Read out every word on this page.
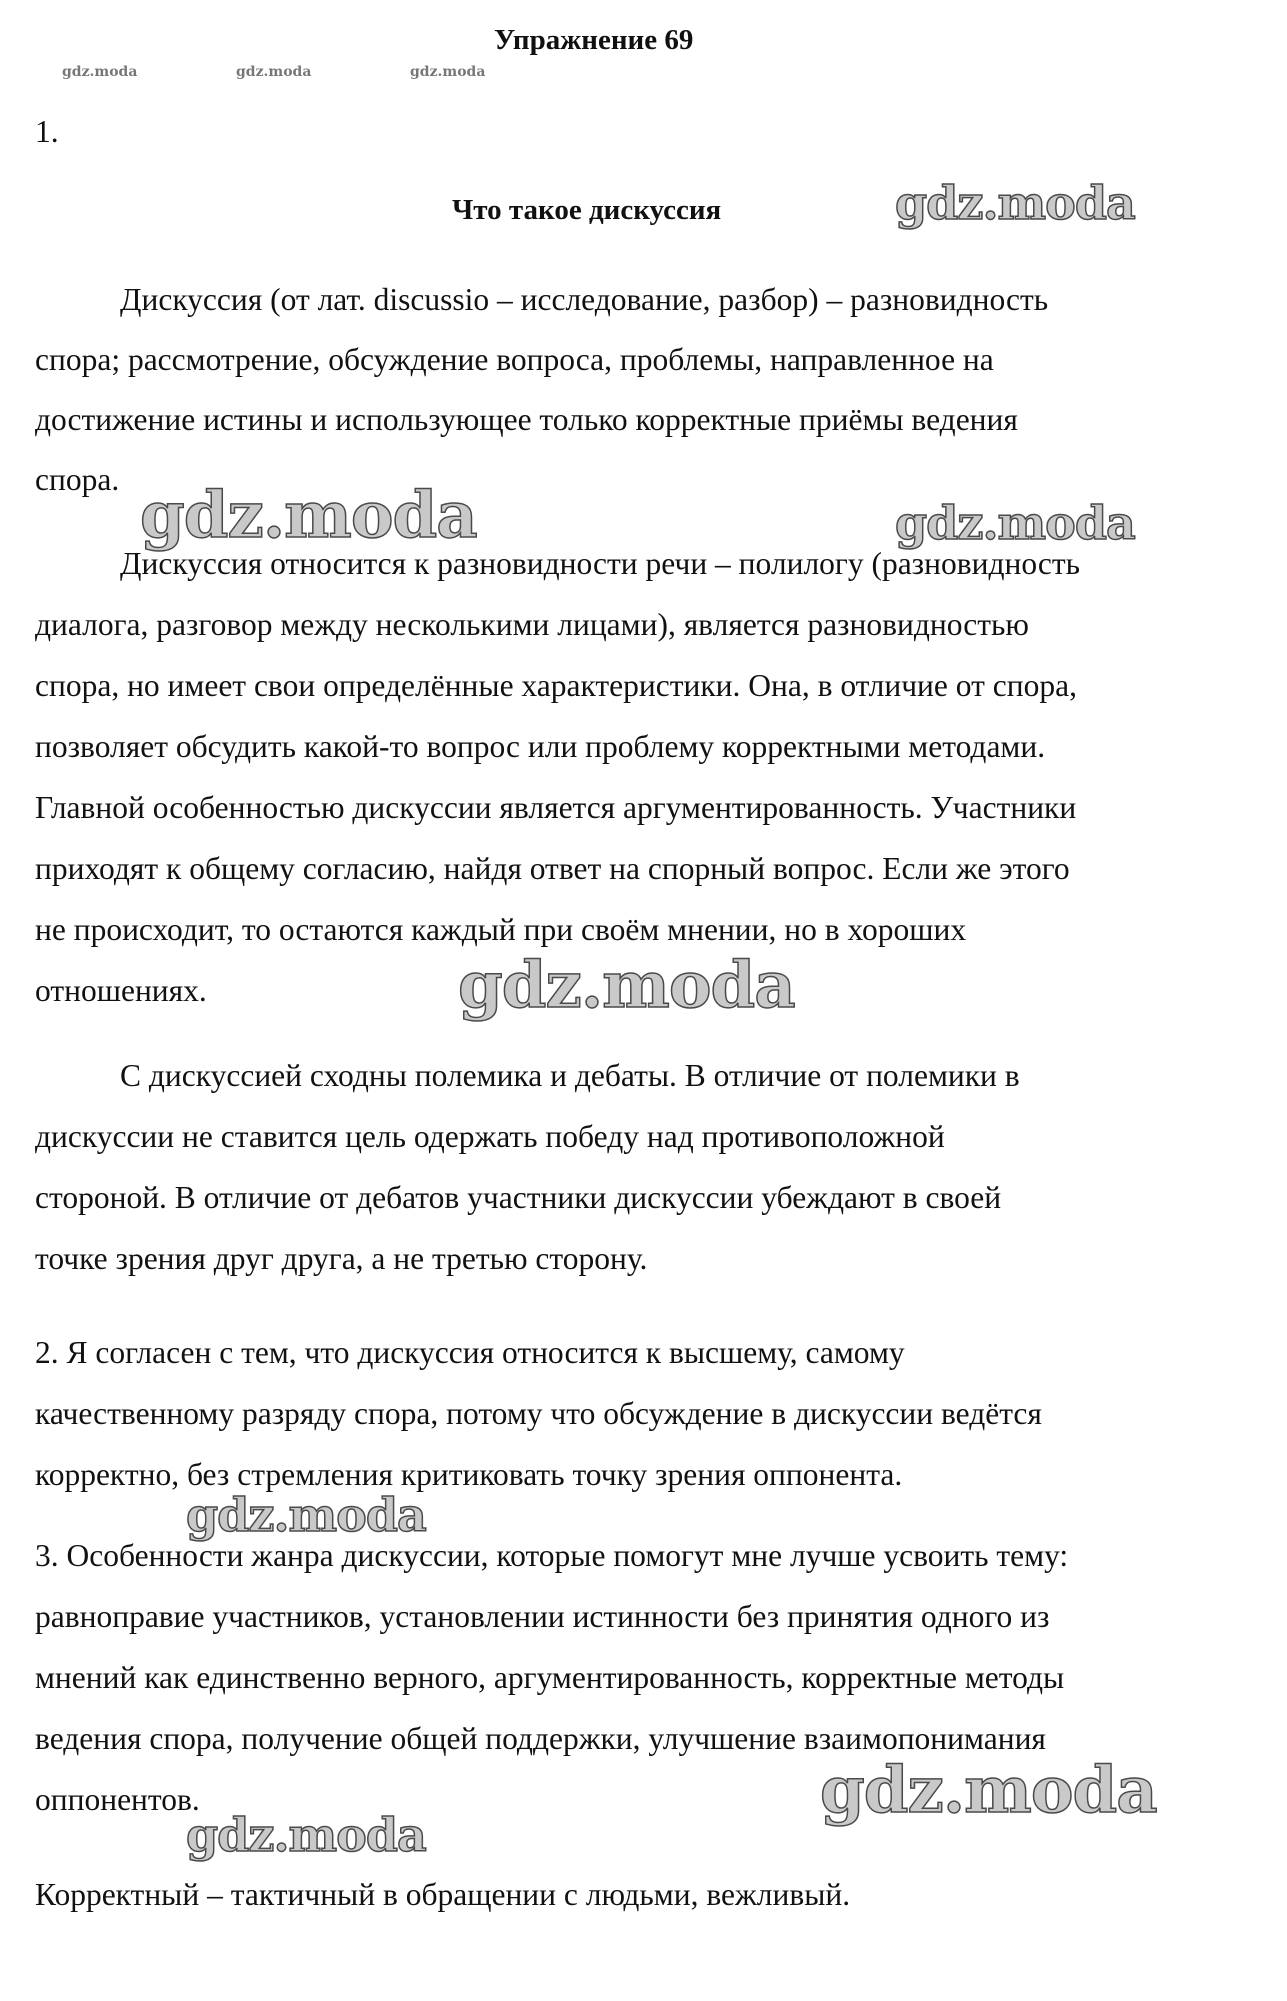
gdz.moda	gdz.moda	gdz.moda
Упражнение 69
1.
Что такое дискуссия
Дискуссия (от лат. discussio – исследование, разбор) – разновидность
спора; рассмотрение, обсуждение вопроса, проблемы, направленное на
достижение истины и использующее только корректные приёмы ведения
спора.
Дискуссия относится к разновидности речи – полилогу (разновидность
диалога, разговор между несколькими лицами), является разновидностью
спора, но имеет свои определённые характеристики. Она, в отличие от спора,
позволяет обсудить какой-то вопрос или проблему корректными методами.
Главной особенностью дискуссии является аргументированность. Участники
приходят к общему согласию, найдя ответ на спорный вопрос. Если же этого
не происходит, то остаются каждый при своём мнении, но в хороших
отношениях.
С дискуссией сходны полемика и дебаты. В отличие от полемики в
дискуссии не ставится цель одержать победу над противоположной
стороной. В отличие от дебатов участники дискуссии убеждают в своей
точке зрения друг друга, а не третью сторону.
2. Я согласен с тем, что дискуссия относится к высшему, самому
качественному разряду спора, потому что обсуждение в дискуссии ведётся
корректно, без стремления критиковать точку зрения оппонента.
3. Особенности жанра дискуссии, которые помогут мне лучше усвоить тему:
равноправие участников, установлении истинности без принятия одного из
мнений как единственно верного, аргументированность, корректные методы
ведения спора, получение общей поддержки, улучшение взаимопонимания
оппонентов.
Корректный – тактичный в обращении с людьми, вежливый.
gdz.moda
gdz.moda	gdz.moda
gdz.moda
gdz.moda
gdz.moda
gdz.moda
